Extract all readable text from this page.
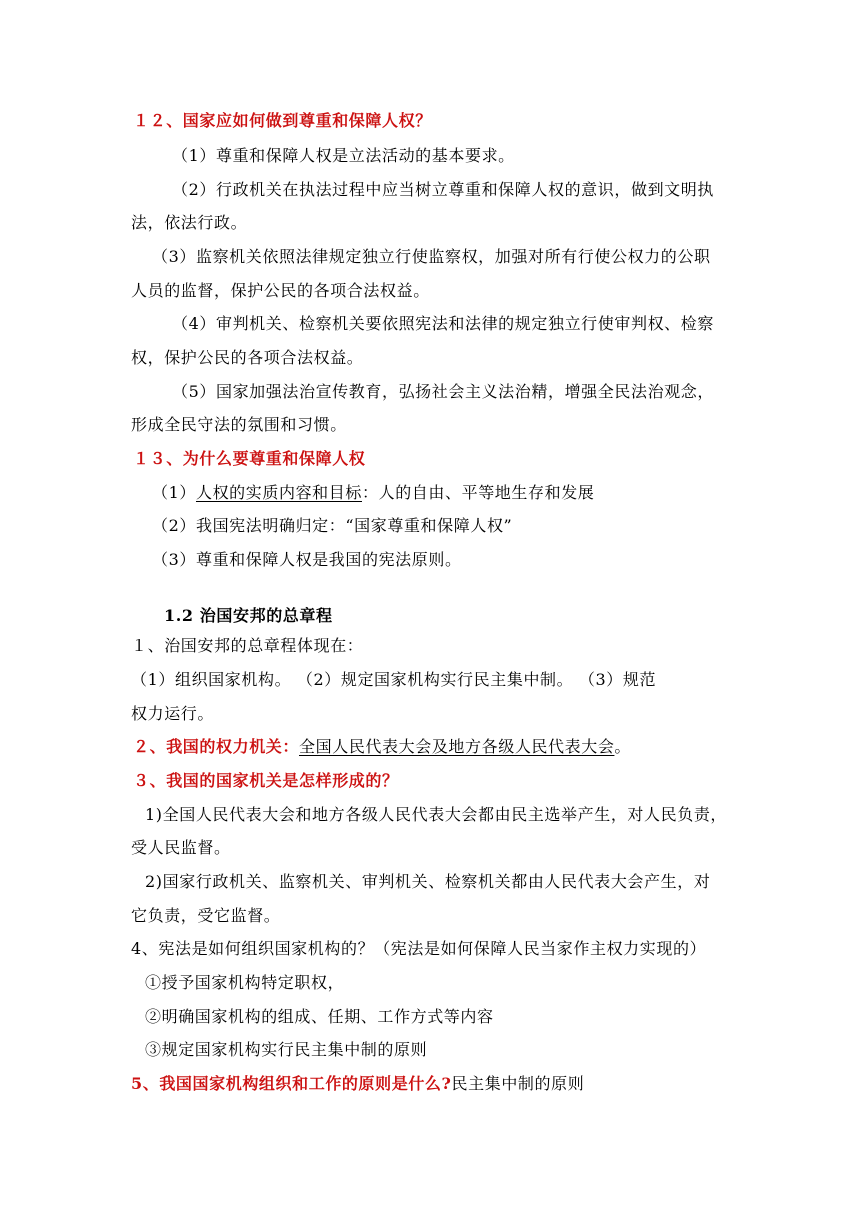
１２、国家应如何做到尊重和保障人权？
（1）尊重和保障人权是立法活动的基本要求。
（2）行政机关在执法过程中应当树立尊重和保障人权的意识，做到文明执
法，依法行政。
（3）监察机关依照法律规定独立行使监察权，加强对所有行使公权力的公职
人员的监督，保护公民的各项合法权益。
（4）审判机关、检察机关要依照宪法和法律的规定独立行使审判权、检察
权，保护公民的各项合法权益。
（5）国家加强法治宣传教育，弘扬社会主义法治精，增强全民法治观念，
形成全民守法的氛围和习惯。
１３、为什么要尊重和保障人权
（1）人权的实质内容和目标：人的自由、平等地生存和发展
（2）我国宪法明确归定：“国家尊重和保障人权”
（3）尊重和保障人权是我国的宪法原则。
1.2 治国安邦的总章程
１、治国安邦的总章程体现在：
（1）组织国家机构。 （2）规定国家机构实行民主集中制。 （3）规范
权力运行。
２、我国的权力机关：全国人民代表大会及地方各级人民代表大会。
３、我国的国家机关是怎样形成的？
1)全国人民代表大会和地方各级人民代表大会都由民主选举产生，对人民负责，
受人民监督。
2)国家行政机关、监察机关、审判机关、检察机关都由人民代表大会产生，对
它负责，受它监督。
4、宪法是如何组织国家机构的？（宪法是如何保障人民当家作主权力实现的）
①授予国家机构特定职权，
②明确国家机构的组成、任期、工作方式等内容
③规定国家机构实行民主集中制的原则
5、我国国家机构组织和工作的原则是什么?民主集中制的原则
